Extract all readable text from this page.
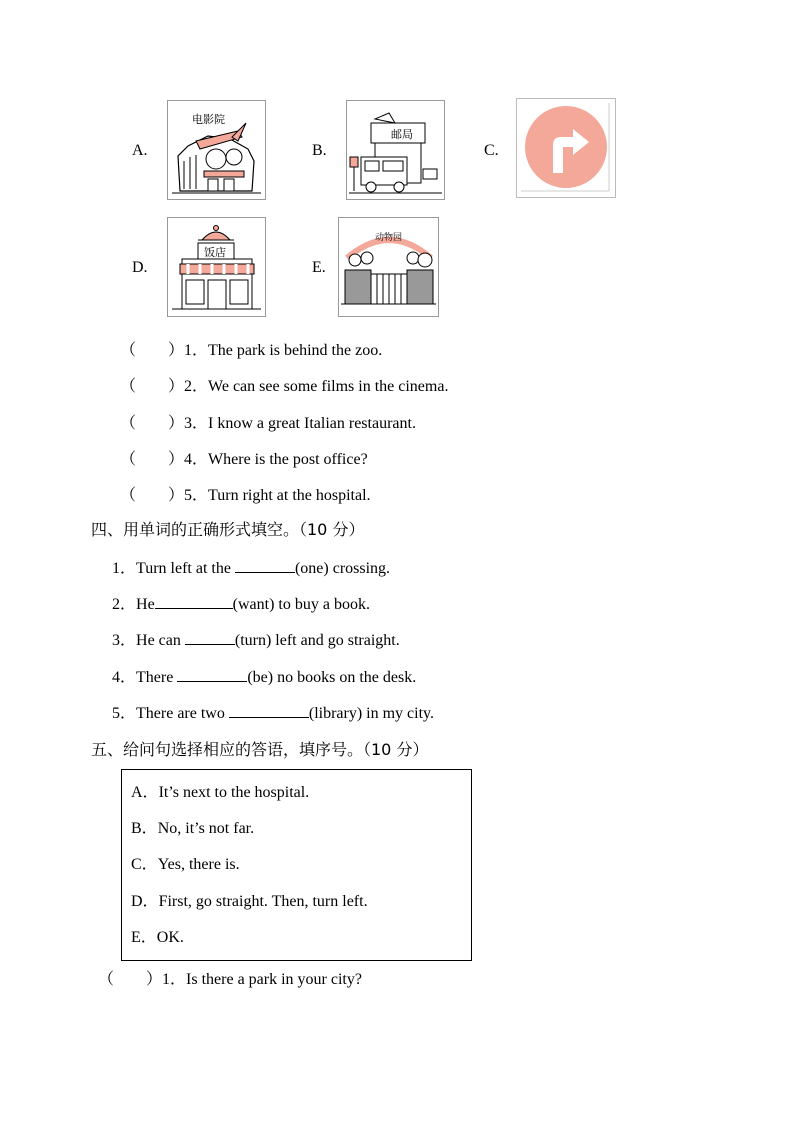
A.	B.	C.
D.	E.
电影院
邮局
饭店
动物园
（　　）1．The park is behind the zoo.
（　　）2．We can see some films in the cinema.
（　　）3．I know a great Italian restaurant.
（　　）4．Where is the post office?
（　　）5．Turn right at the hospital.
四、用单词的正确形式填空。（10 分）
1．Turn left at the	(one) crossing.
2．He	(want) to buy a book.
3．He can	(turn) left and go straight.
4．There	(be) no books on the desk.
5．There are two	(library) in my city.
五、给问句选择相应的答语，填序号。（10 分）
A．It’s next to the hospital.
B．No, it’s not far.
C．Yes, there is.
D．First, go straight. Then, turn left.
E．OK.
（　　）1．Is there a park in your city?
